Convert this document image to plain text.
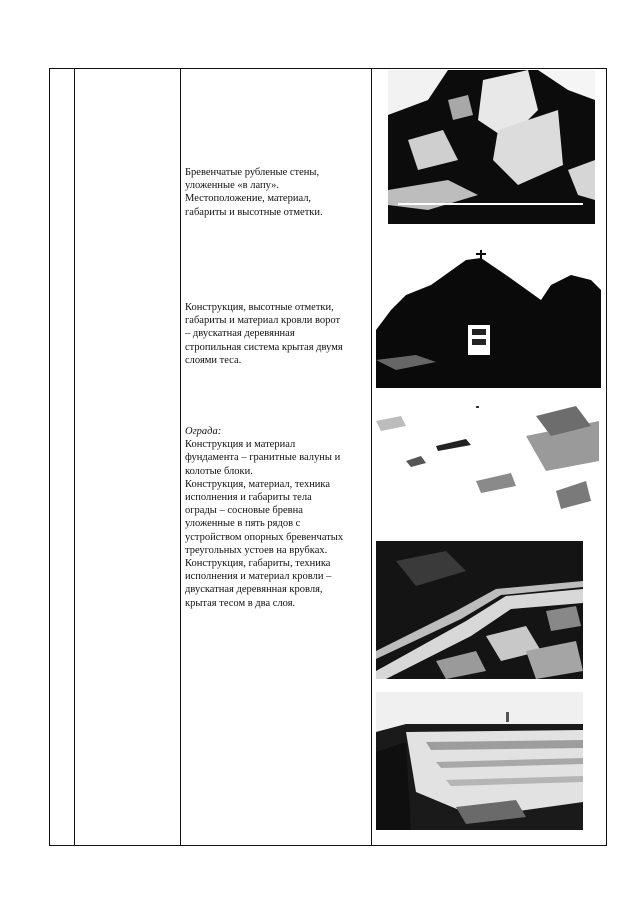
Бревенчатые рубленые стены,
уложенные «в лапу».
Местоположение, материал,
габариты и высотные отметки.
Конструкция, высотные отметки,
габариты и материал кровли ворот
– двускатная деревянная
стропильная система крытая двумя
слоями теса.
Ограда:
Конструкция и материал
фундамента – гранитные валуны и
колотые блоки.
Конструкция, материал, техника
исполнения и габариты тела
ограды – сосновые бревна
уложенные в пять рядов с
устройством опорных бревенчатых
треугольных устоев на врубках.
Конструкция, габариты, техника
исполнения и материал кровли –
двускатная деревянная кровля,
крытая тесом в два слоя.
